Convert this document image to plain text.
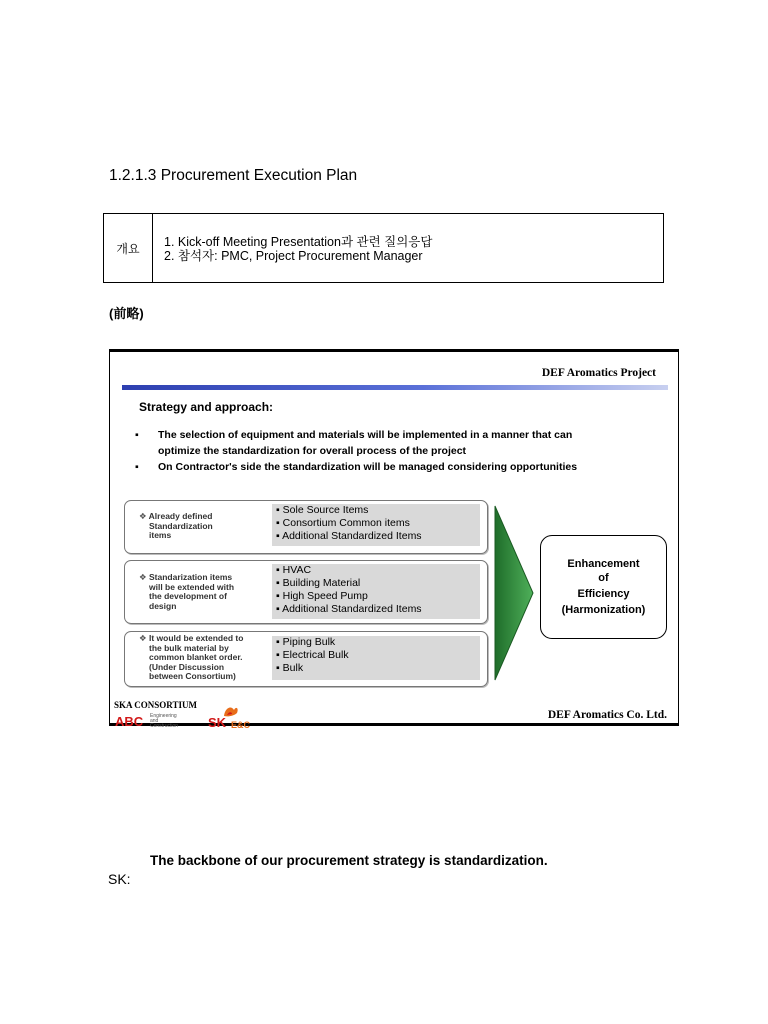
1.2.1.3 Procurement Execution Plan
개요	1. Kick-off Meeting Presentation과 관련 질의응답
2. 참석자: PMC, Project Procurement Manager
(前略)
DEF Aromatics Project
Strategy and approach:
▪ The selection of equipment and materials will be implemented in a manner that can
optimize the standardization for overall process of the project
▪ On Contractor's side the standardization will be managed considering opportunities
❖ Already defined
Standardization
items
▪ Sole Source Items
▪ Consortium Common items
▪ Additional Standardized Items
❖ Standarization items
will be extended with
the development of
design
▪ HVAC
▪ Building Material
▪ High Speed Pump
▪ Additional Standardized Items
❖ It would be extended to
the bulk material by
common blanket order.
(Under Discussion
between Consortium)
▪ Piping Bulk
▪ Electrical Bulk
▪ Bulk
Enhancement
of
Efficiency
(Harmonization)
SKA CONSORTIUM
ABC Engineering
and
Construction SK E&C
DEF Aromatics Co. Ltd.
The backbone of our procurement strategy is standardization.
SK:
